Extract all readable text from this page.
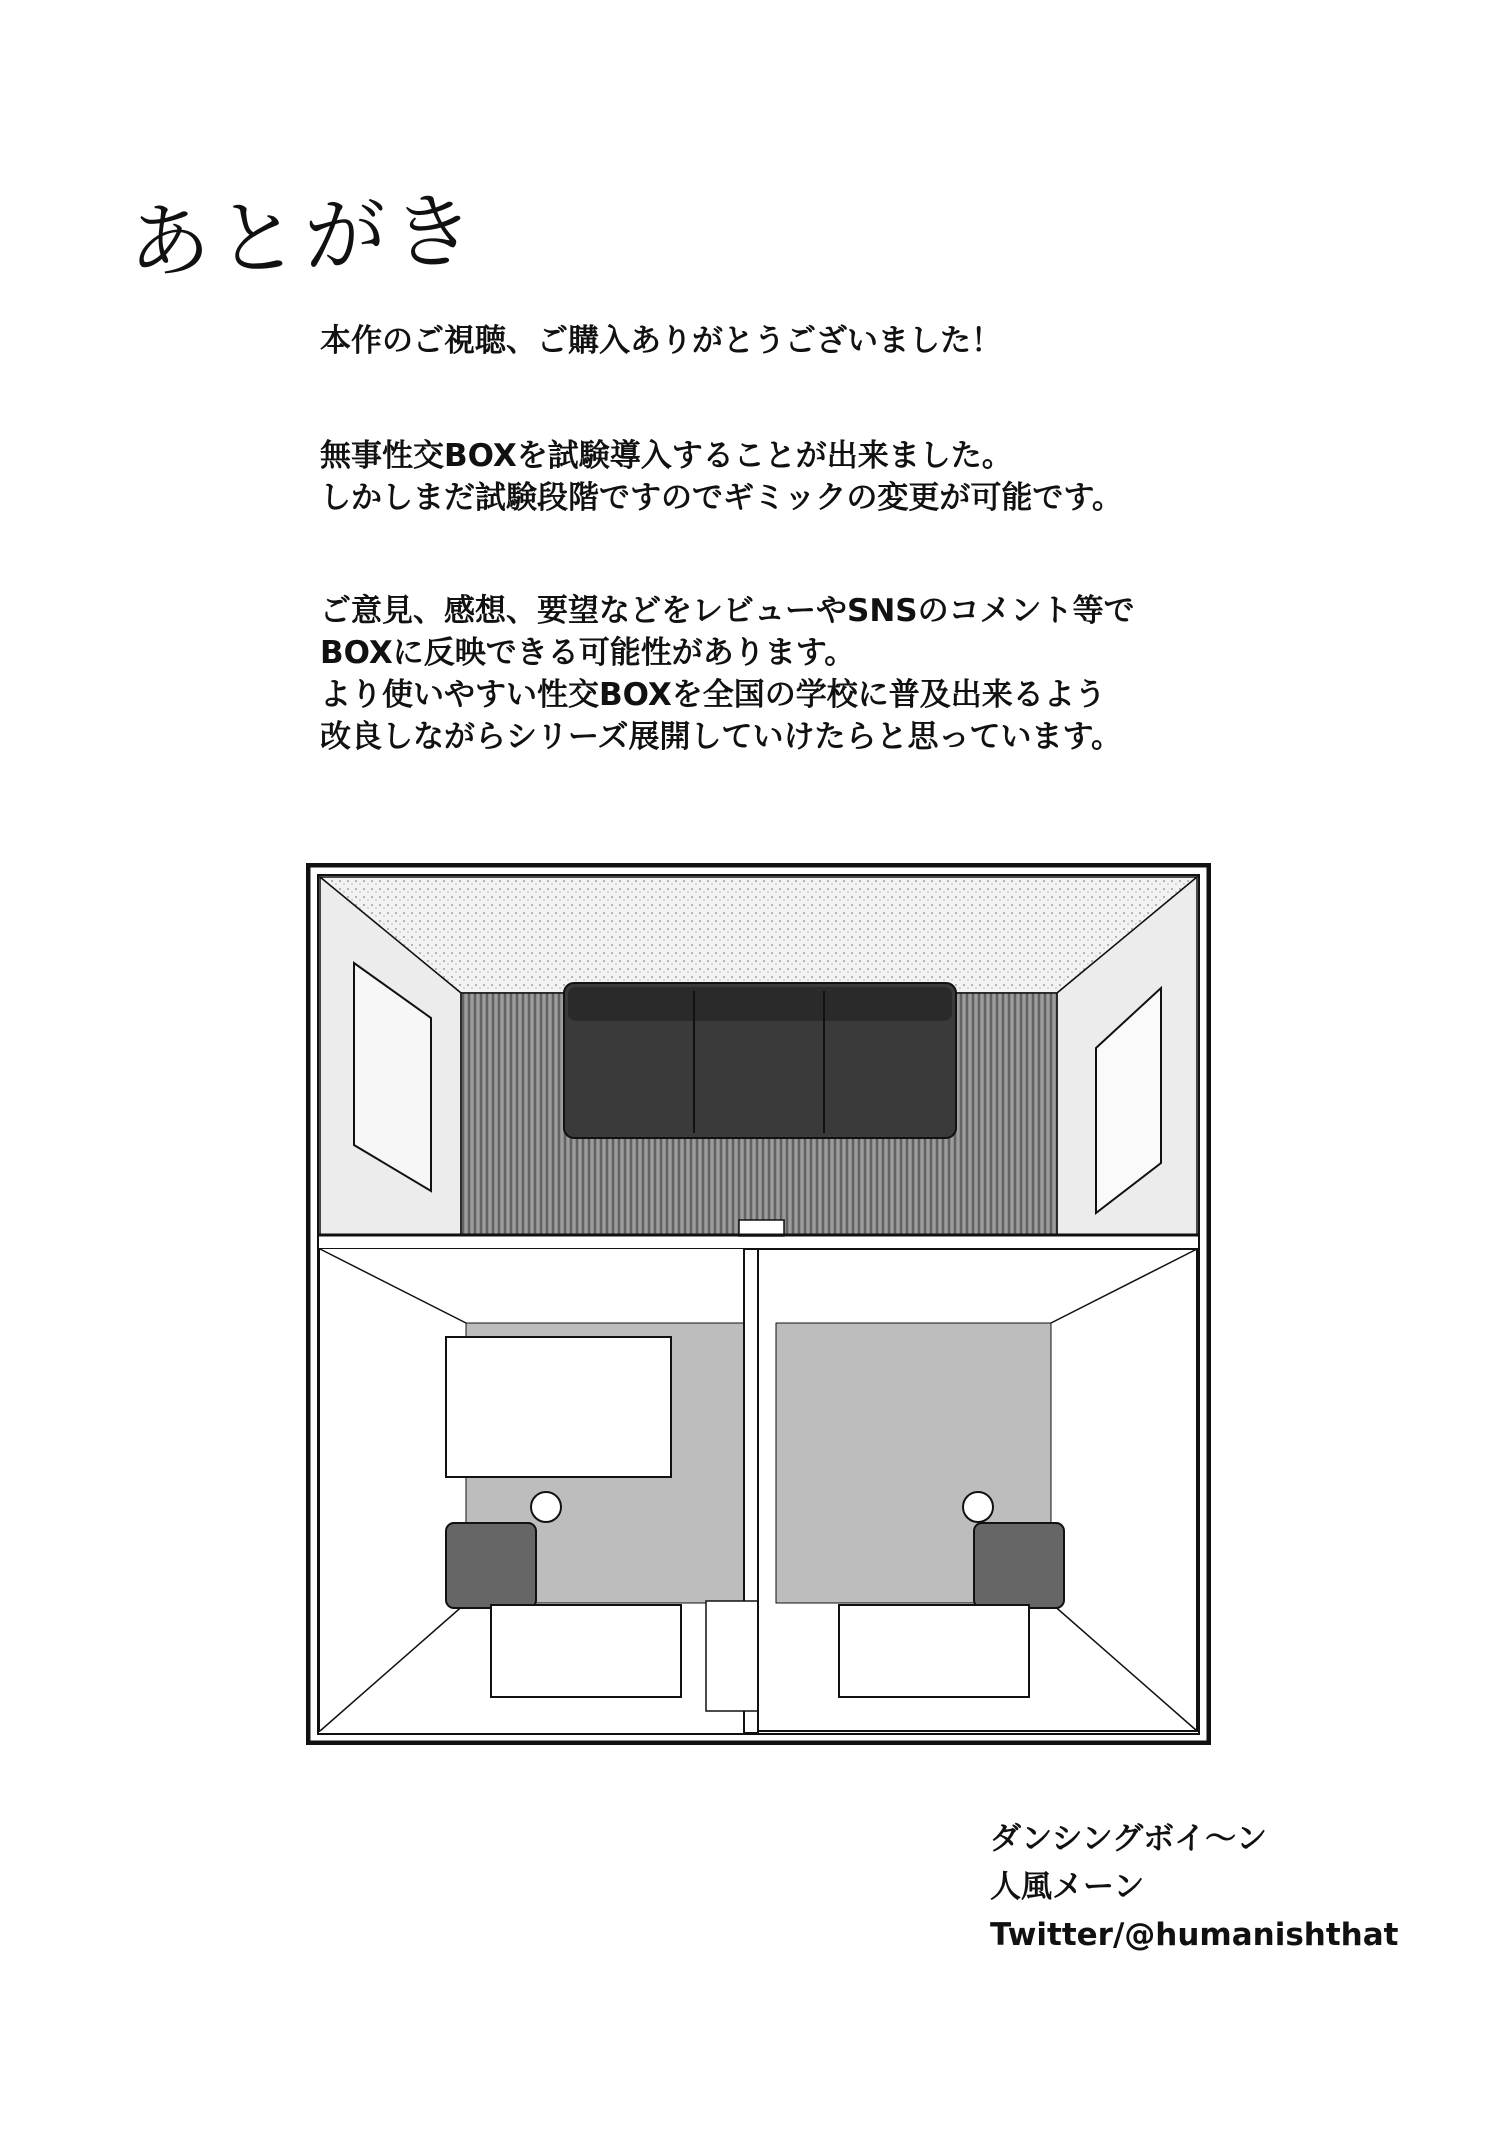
あとがき
本作のご視聴、ご購入ありがとうございました！
無事性交BOXを試験導入することが出来ました。
しかしまだ試験段階ですのでギミックの変更が可能です。
ご意見、感想、要望などをレビューやSNSのコメント等で
BOXに反映できる可能性があります。
より使いやすい性交BOXを全国の学校に普及出来るよう
改良しながらシリーズ展開していけたらと思っています。
ダンシングボイ〜ン
人風メーン
Twitter/@humanishthat
